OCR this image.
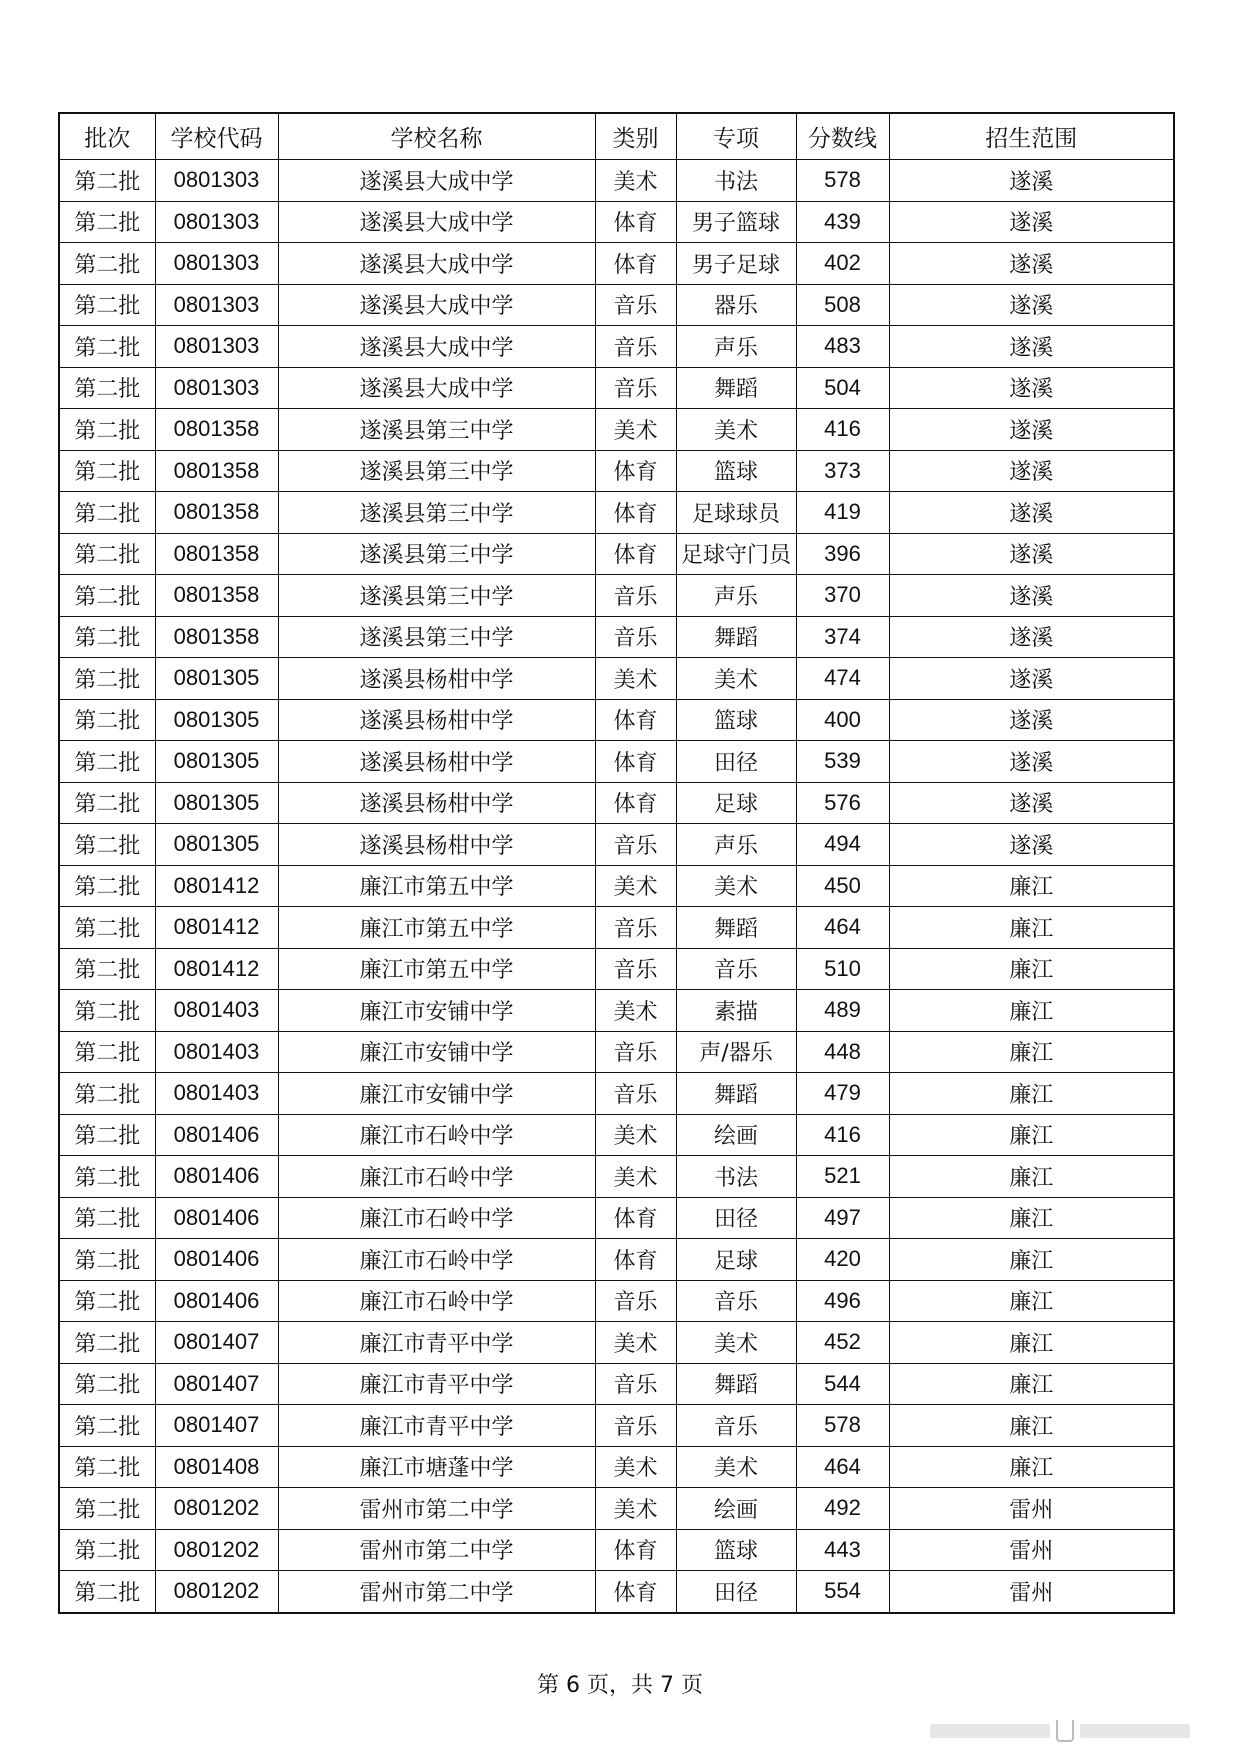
批次	学校代码	学校名称	类别	专项	分数线	招生范围
第二批	0801303	遂溪县大成中学	美术	书法	578	遂溪
第二批	0801303	遂溪县大成中学	体育	男子篮球	439	遂溪
第二批	0801303	遂溪县大成中学	体育	男子足球	402	遂溪
第二批	0801303	遂溪县大成中学	音乐	器乐	508	遂溪
第二批	0801303	遂溪县大成中学	音乐	声乐	483	遂溪
第二批	0801303	遂溪县大成中学	音乐	舞蹈	504	遂溪
第二批	0801358	遂溪县第三中学	美术	美术	416	遂溪
第二批	0801358	遂溪县第三中学	体育	篮球	373	遂溪
第二批	0801358	遂溪县第三中学	体育	足球球员	419	遂溪
第二批	0801358	遂溪县第三中学	体育	足球守门员	396	遂溪
第二批	0801358	遂溪县第三中学	音乐	声乐	370	遂溪
第二批	0801358	遂溪县第三中学	音乐	舞蹈	374	遂溪
第二批	0801305	遂溪县杨柑中学	美术	美术	474	遂溪
第二批	0801305	遂溪县杨柑中学	体育	篮球	400	遂溪
第二批	0801305	遂溪县杨柑中学	体育	田径	539	遂溪
第二批	0801305	遂溪县杨柑中学	体育	足球	576	遂溪
第二批	0801305	遂溪县杨柑中学	音乐	声乐	494	遂溪
第二批	0801412	廉江市第五中学	美术	美术	450	廉江
第二批	0801412	廉江市第五中学	音乐	舞蹈	464	廉江
第二批	0801412	廉江市第五中学	音乐	音乐	510	廉江
第二批	0801403	廉江市安铺中学	美术	素描	489	廉江
第二批	0801403	廉江市安铺中学	音乐	声/器乐	448	廉江
第二批	0801403	廉江市安铺中学	音乐	舞蹈	479	廉江
第二批	0801406	廉江市石岭中学	美术	绘画	416	廉江
第二批	0801406	廉江市石岭中学	美术	书法	521	廉江
第二批	0801406	廉江市石岭中学	体育	田径	497	廉江
第二批	0801406	廉江市石岭中学	体育	足球	420	廉江
第二批	0801406	廉江市石岭中学	音乐	音乐	496	廉江
第二批	0801407	廉江市青平中学	美术	美术	452	廉江
第二批	0801407	廉江市青平中学	音乐	舞蹈	544	廉江
第二批	0801407	廉江市青平中学	音乐	音乐	578	廉江
第二批	0801408	廉江市塘蓬中学	美术	美术	464	廉江
第二批	0801202	雷州市第二中学	美术	绘画	492	雷州
第二批	0801202	雷州市第二中学	体育	篮球	443	雷州
第二批	0801202	雷州市第二中学	体育	田径	554	雷州
第 6 页，共 7 页
